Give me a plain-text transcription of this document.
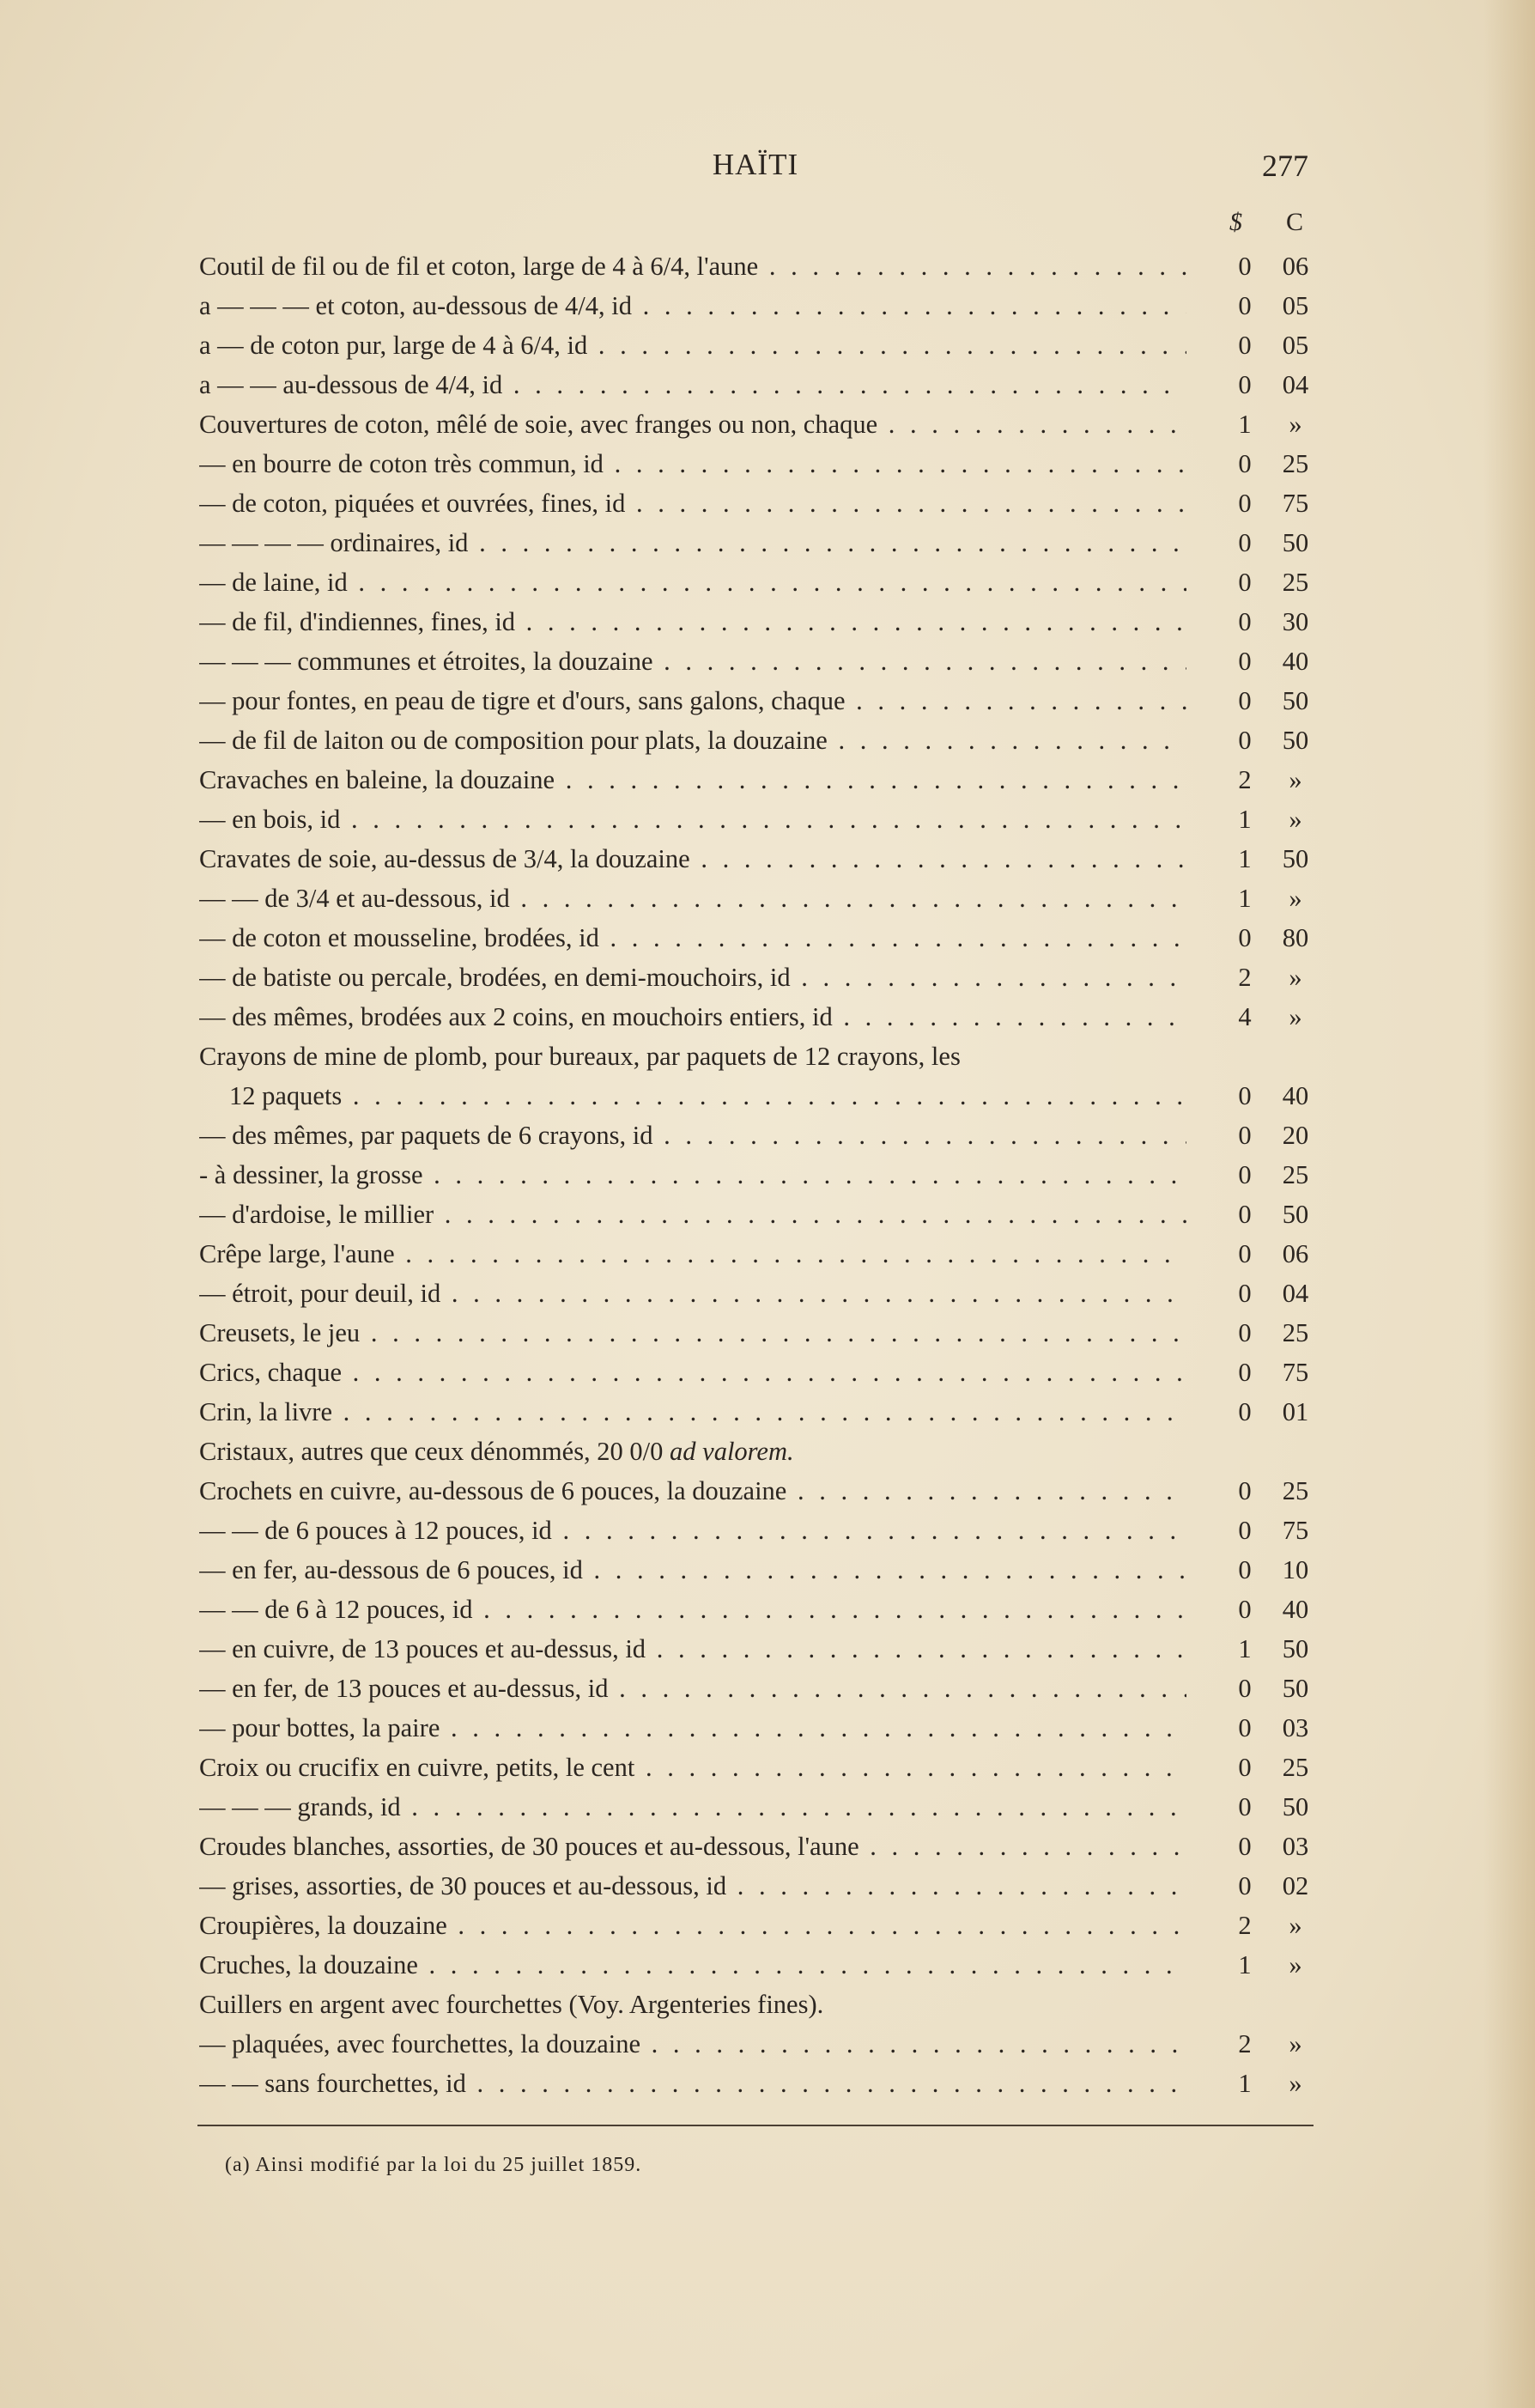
HAÏTI	277
$ C
Coutil de fil ou de fil et coton, large de 4 à 6/4, l'aune . . .	0	06
a — — — et coton, au-dessous de 4/4, id . . .	0	05
a — de coton pur, large de 4 à 6/4, id . . .	0	05
a — — au-dessous de 4/4, id . . .	0	04
Couvertures de coton, mêlé de soie, avec franges ou non, chaque . . .	1	»
— en bourre de coton très commun, id . . .	0	25
— de coton, piquées et ouvrées, fines, id . . .	0	75
— — — — ordinaires, id . . .	0	50
— de laine, id . . .	0	25
— de fil, d'indiennes, fines, id . . .	0	30
— — — communes et étroites, la douzaine . . .	0	40
— pour fontes, en peau de tigre et d'ours, sans galons, chaque . . .	0	50
— de fil de laiton ou de composition pour plats, la douzaine . . .	0	50
Cravaches en baleine, la douzaine . . .	2	»
— en bois, id . . .	1	»
Cravates de soie, au-dessus de 3/4, la douzaine . . .	1	50
— — de 3/4 et au-dessous, id . . .	1	»
— de coton et mousseline, brodées, id . . .	0	80
— de batiste ou percale, brodées, en demi-mouchoirs, id . . .	2	»
— des mêmes, brodées aux 2 coins, en mouchoirs entiers, id . . .	4	»
Crayons de mine de plomb, pour bureaux, par paquets de 12 crayons, les
12 paquets . . .	0	40
— des mêmes, par paquets de 6 crayons, id . . .	0	20
- à dessiner, la grosse . . .	0	25
— d'ardoise, le millier . . .	0	50
Crêpe large, l'aune . . .	0	06
— étroit, pour deuil, id . . .	0	04
Creusets, le jeu . . .	0	25
Crics, chaque . . .	0	75
Crin, la livre . . .	0	01
Cristaux, autres que ceux dénommés, 20 0/0 ad valorem.
Crochets en cuivre, au-dessous de 6 pouces, la douzaine . . .	0	25
— — de 6 pouces à 12 pouces, id . . .	0	75
— en fer, au-dessous de 6 pouces, id . . .	0	10
— — de 6 à 12 pouces, id . . .	0	40
— en cuivre, de 13 pouces et au-dessus, id . . .	1	50
— en fer, de 13 pouces et au-dessus, id . . .	0	50
— pour bottes, la paire . . .	0	03
Croix ou crucifix en cuivre, petits, le cent . . .	0	25
— — — grands, id . . .	0	50
Croudes blanches, assorties, de 30 pouces et au-dessous, l'aune . . .	0	03
— grises, assorties, de 30 pouces et au-dessous, id . . .	0	02
Croupières, la douzaine . . .	2	»
Cruches, la douzaine . . .	1	»
Cuillers en argent avec fourchettes (Voy. Argenteries fines).
— plaquées, avec fourchettes, la douzaine . . .	2	»
— — sans fourchettes, id . . .	1	»
(a) Ainsi modifié par la loi du 25 juillet 1859.
